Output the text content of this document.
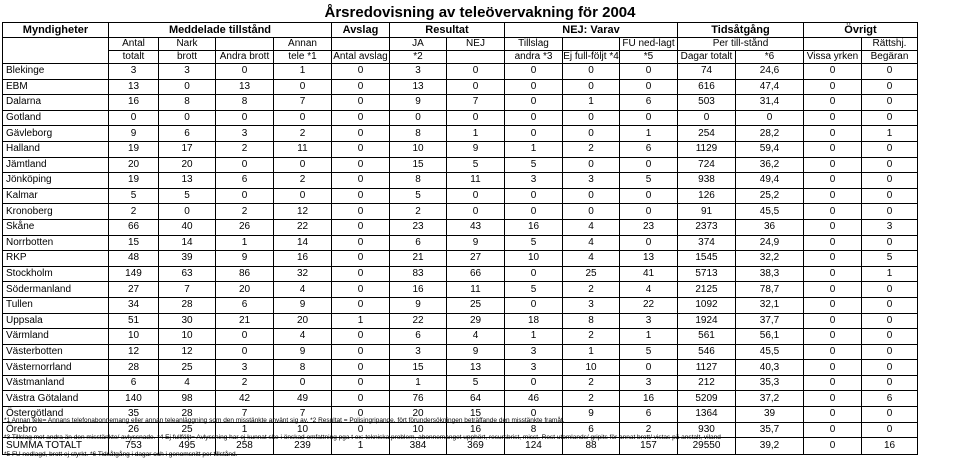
Årsredovisning av teleövervakning för 2004
Myndigheter	Meddelade tillstånd				Avslag	Resultat		NEJ: Varav			Tidsåtgång		Övrigt	
	Antal	Nark		Annan		JA	NEJ	Tillslag		FU ned-lagt	Per till-stånd			Rättshj.
	totalt	brott	Andra brott	tele *1	Antal avslag	*2		andra *3	Ej full-följt *4	*5	Dagar totalt	*6	Vissa yrken	Begäran
Blekinge	3	3	0	1	0	3	0	0	0	0	74	24,6	0	0
EBM	13	0	13	0	0	13	0	0	0	0	616	47,4	0	0
Dalarna	16	8	8	7	0	9	7	0	1	6	503	31,4	0	0
Gotland	0	0	0	0	0	0	0	0	0	0	0	0	0	0
Gävleborg	9	6	3	2	0	8	1	0	0	1	254	28,2	0	1
Halland	19	17	2	11	0	10	9	1	2	6	1129	59,4	0	0
Jämtland	20	20	0	0	0	15	5	5	0	0	724	36,2	0	0
Jönköping	19	13	6	2	0	8	11	3	3	5	938	49,4	0	0
Kalmar	5	5	0	0	0	5	0	0	0	0	126	25,2	0	0
Kronoberg	2	0	2	12	0	2	0	0	0	0	91	45,5	0	0
Skåne	66	40	26	22	0	23	43	16	4	23	2373	36	0	3
Norrbotten	15	14	1	14	0	6	9	5	4	0	374	24,9	0	0
RKP	48	39	9	16	0	21	27	10	4	13	1545	32,2	0	5
Stockholm	149	63	86	32	0	83	66	0	25	41	5713	38,3	0	1
Södermanland	27	7	20	4	0	16	11	5	2	4	2125	78,7	0	0
Tullen	34	28	6	9	0	9	25	0	3	22	1092	32,1	0	0
Uppsala	51	30	21	20	1	22	29	18	8	3	1924	37,7	0	0
Värmland	10	10	0	4	0	6	4	1	2	1	561	56,1	0	0
Västerbotten	12	12	0	9	0	3	9	3	1	5	546	45,5	0	0
Västernorrland	28	25	3	8	0	15	13	3	10	0	1127	40,3	0	0
Västmanland	6	4	2	0	0	1	5	0	2	3	212	35,3	0	0
Västra Götaland	140	98	42	49	0	76	64	46	2	16	5209	37,2	0	6
Östergötland	35	28	7	7	0	20	15	0	9	6	1364	39	0	0
Örebro	26	25	1	10	0	10	16	8	6	2	930	35,7	0	0
SUMMA TOTALT	753	495	258	239	1	384	369	124	88	157	29550	39,2	0	16
*1 Annan tele= Annans telefonabonnemang eller annan teleanläggning som den misstänkte använt sig av. *2 Resultat = Polisingripande, fört förundersökningen beträffande den misstänkte framåt.
*3 Tillslag mot andra än den misstänkte/ avlyssnade. *4 Ej fullföljt= Avlyssning har ej kunnat ske i önskad omfattning pga t ex: tekniska problem, abonnemanget upphört, resursbrist, misst. Rest utomlands/ gripits för annat brott/ vistas på anstalt, viland
*5 FU nedlagd, brott ej styrkt. *6 Tidsåtgång i dagar och i genomsnitt per tillstånd.
